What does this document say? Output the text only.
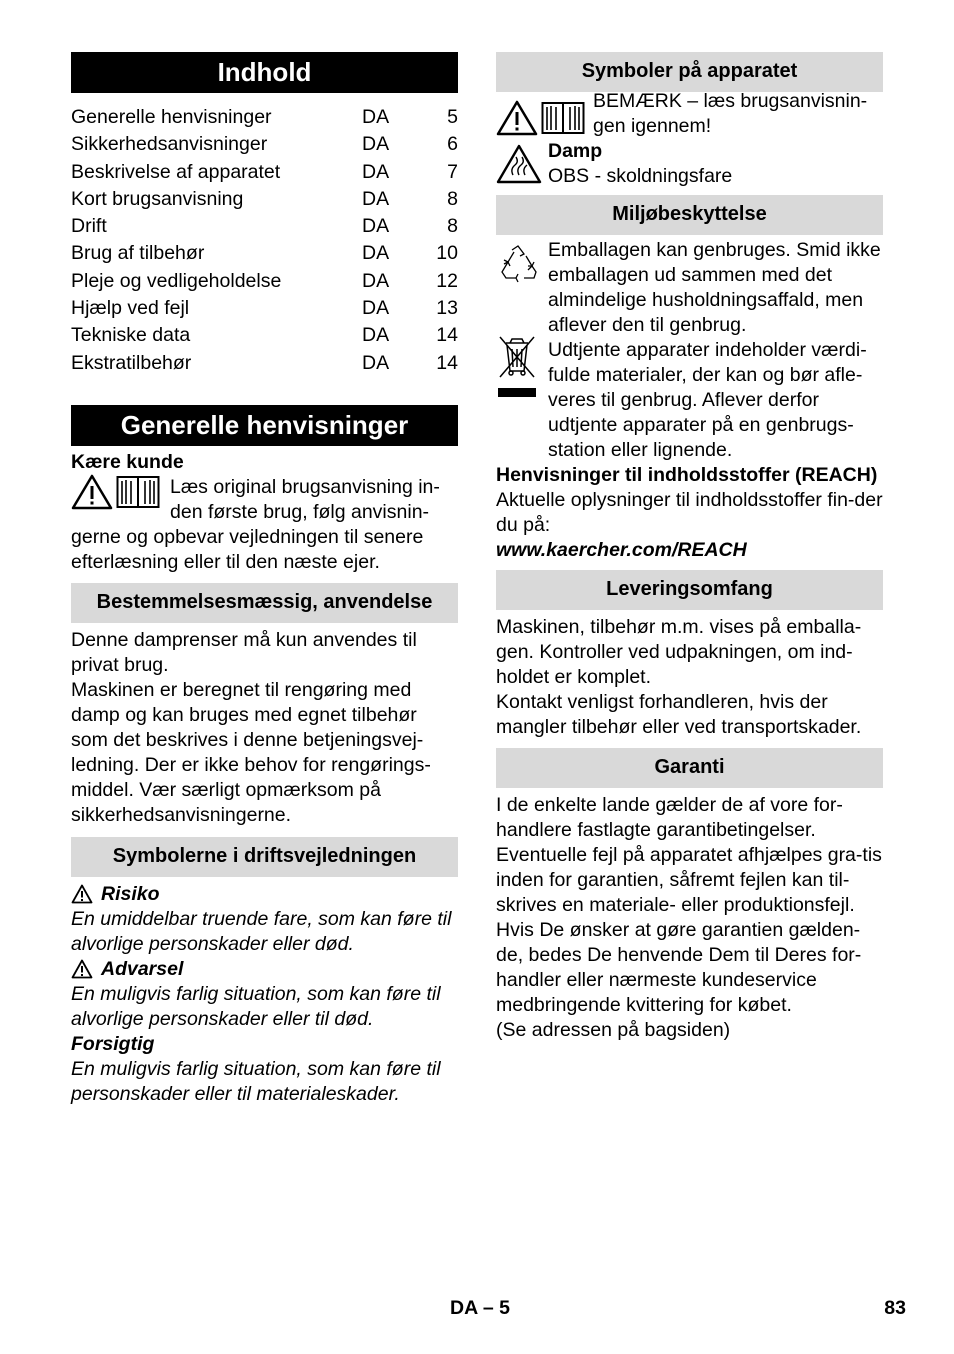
Indhold
Generelle henvisninger	DA	5
Sikkerhedsanvisninger	DA	6
Beskrivelse af apparatet	DA	7
Kort brugsanvisning	DA	8
Drift	DA	8
Brug af tilbehør	DA	10
Pleje og vedligeholdelse	DA	12
Hjælp ved fejl	DA	13
Tekniske data	DA	14
Ekstratilbehør	DA	14
Generelle henvisninger

Kære kunde

Læs original brugsanvisning in-

den første brug, følg anvisnin-

gerne og opbevar vejledningen til senere efterlæsning eller til den næste ejer.

Bestemmelsesmæssig, anvendelse

Denne damprenser må kun anvendes til privat brug.

Maskinen er beregnet til rengøring med damp og kan bruges med egnet tilbehør som det beskrives i denne betjeningsvej-ledning. Der er ikke behov for rengørings-middel. Vær særligt opmærksom på sikkerhedsanvisningerne.

Symbolerne i driftsvejledningen

Risiko

En umiddelbar truende fare, som kan føre til alvorlige personskader eller død.

Advarsel

En muligvis farlig situation, som kan føre til alvorlige personskader eller til død.

Forsigtig

En muligvis farlig situation, som kan føre til personskader eller til materialeskader.

Symboler på apparatet

BEMÆRK – læs brugsanvisnin-gen igennem!

Damp

OBS - skoldningsfare

Miljøbeskyttelse

Emballagen kan genbruges. Smid ikke emballagen ud sammen med det almindelige husholdningsaffald, men aflever den til genbrug.

Udtjente apparater indeholder værdi-fulde materialer, der kan og bør afle-veres til genbrug. Aflever derfor udtjente apparater på en genbrugs-station eller lignende.

Henvisninger til indholdsstoffer (REACH)

Aktuelle oplysninger til indholdsstoffer fin-der du på:

www.kaercher.com/REACH

Leveringsomfang

Maskinen, tilbehør m.m. vises på emballa-gen. Kontroller ved udpakningen, om ind-holdet er komplet.

Kontakt venligst forhandleren, hvis der mangler tilbehør eller ved transportskader.

Garanti

I de enkelte lande gælder de af vore for-handlere fastlagte garantibetingelser. Eventuelle fejl på apparatet afhjælpes gra-tis inden for garantien, såfremt fejlen kan til-skrives en materiale- eller produktionsfejl. Hvis De ønsker at gøre garantien gælden-de, bedes De henvende Dem til Deres for-handler eller nærmeste kundeservice medbringende kvittering for købet.

(Se adressen på bagsiden)

DA – 5	83
